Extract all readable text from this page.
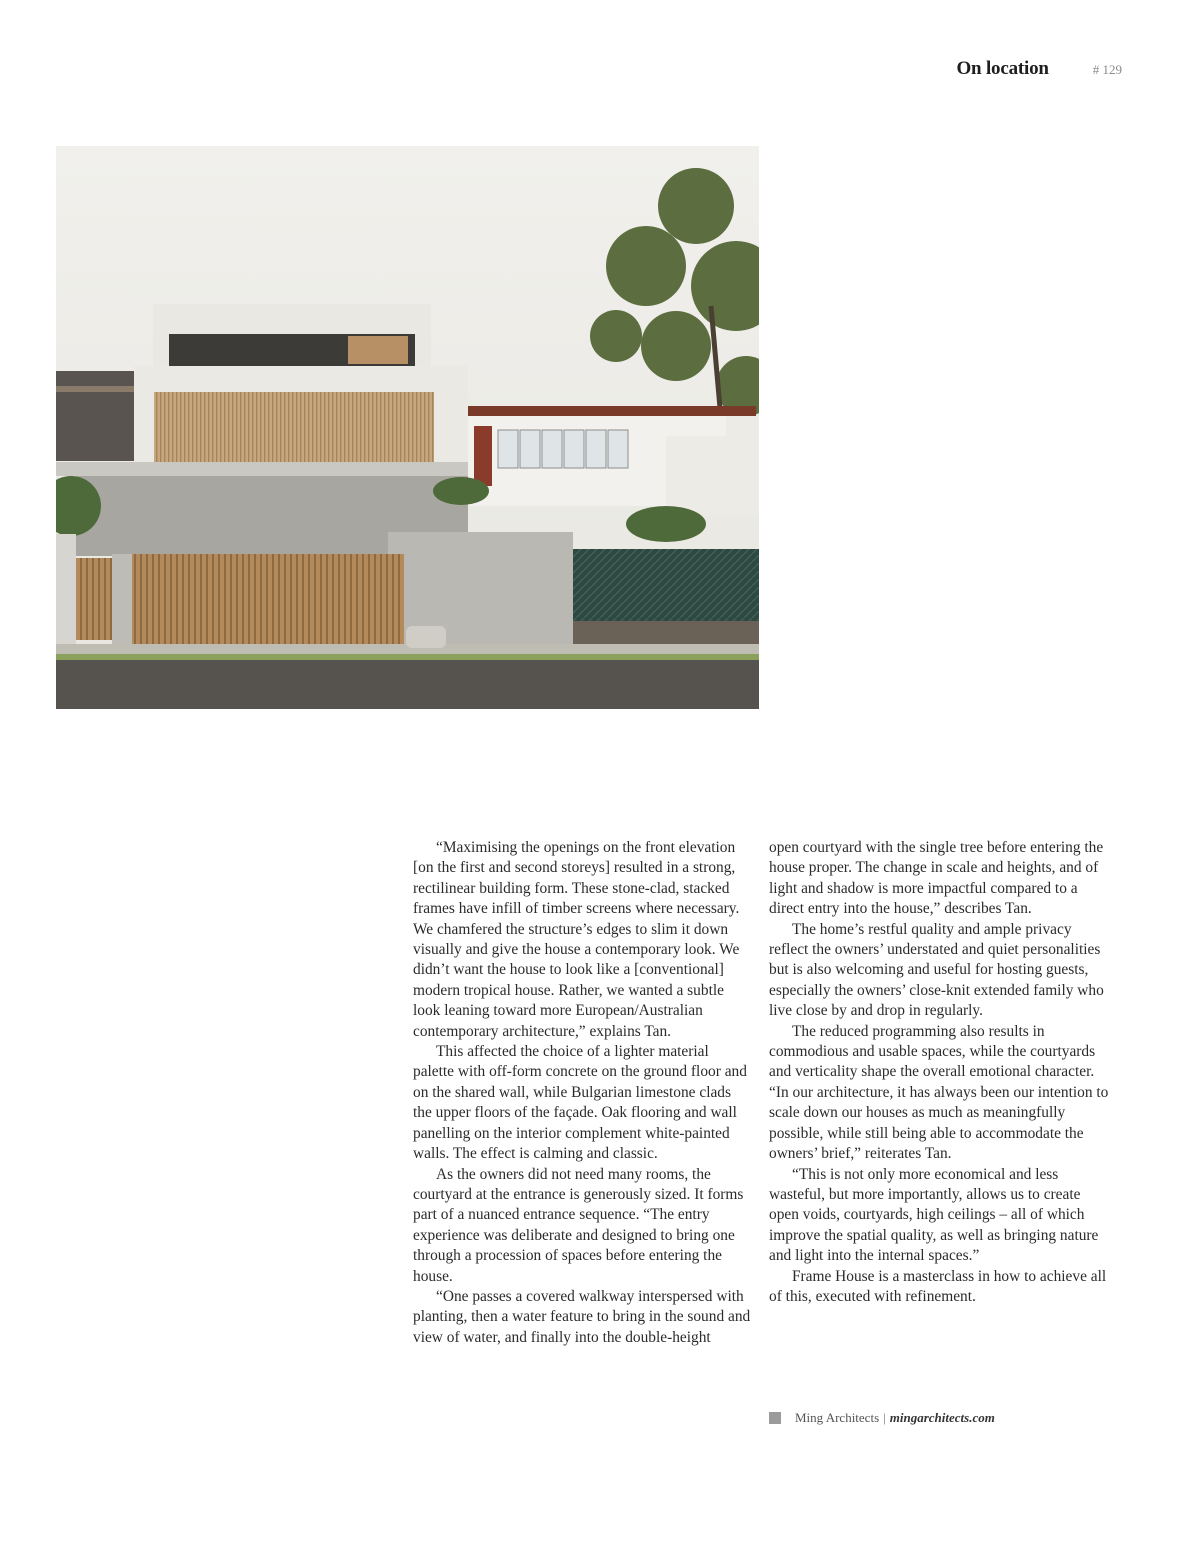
On location	# 129

“Maximising the openings on the front elevation [on the first and second storeys] resulted in a strong, rectilinear building form. These stone-clad, stacked frames have infill of timber screens where necessary. We chamfered the structure’s edges to slim it down visually and give the house a contemporary look. We didn’t want the house to look like a [conventional] modern tropical house. Rather, we wanted a subtle look leaning toward more European/Australian contemporary architecture,” explains Tan.

This affected the choice of a lighter material palette with off-form concrete on the ground floor and on the shared wall, while Bulgarian limestone clads the upper floors of the façade. Oak flooring and wall panelling on the interior complement white-painted walls. The effect is calming and classic.

As the owners did not need many rooms, the courtyard at the entrance is generously sized. It forms part of a nuanced entrance sequence. “The entry experience was deliberate and designed to bring one through a procession of spaces before entering the house.

“One passes a covered walkway interspersed with planting, then a water feature to bring in the sound and view of water, and finally into the double-height

open courtyard with the single tree before entering the house proper. The change in scale and heights, and of light and shadow is more impactful compared to a direct entry into the house,” describes Tan.

The home’s restful quality and ample privacy reflect the owners’ understated and quiet personalities but is also welcoming and useful for hosting guests, especially the owners’ close-knit extended family who live close by and drop in regularly.

The reduced programming also results in commodious and usable spaces, while the courtyards and verticality shape the overall emotional character. “In our architecture, it has always been our intention to scale down our houses as much as meaningfully possible, while still being able to accommodate the owners’ brief,” reiterates Tan.

“This is not only more economical and less wasteful, but more importantly, allows us to create open voids, courtyards, high ceilings – all of which improve the spatial quality, as well as bringing nature and light into the internal spaces.”

Frame House is a masterclass in how to achieve all of this, executed with refinement.

Ming Architects | mingarchitects.com
